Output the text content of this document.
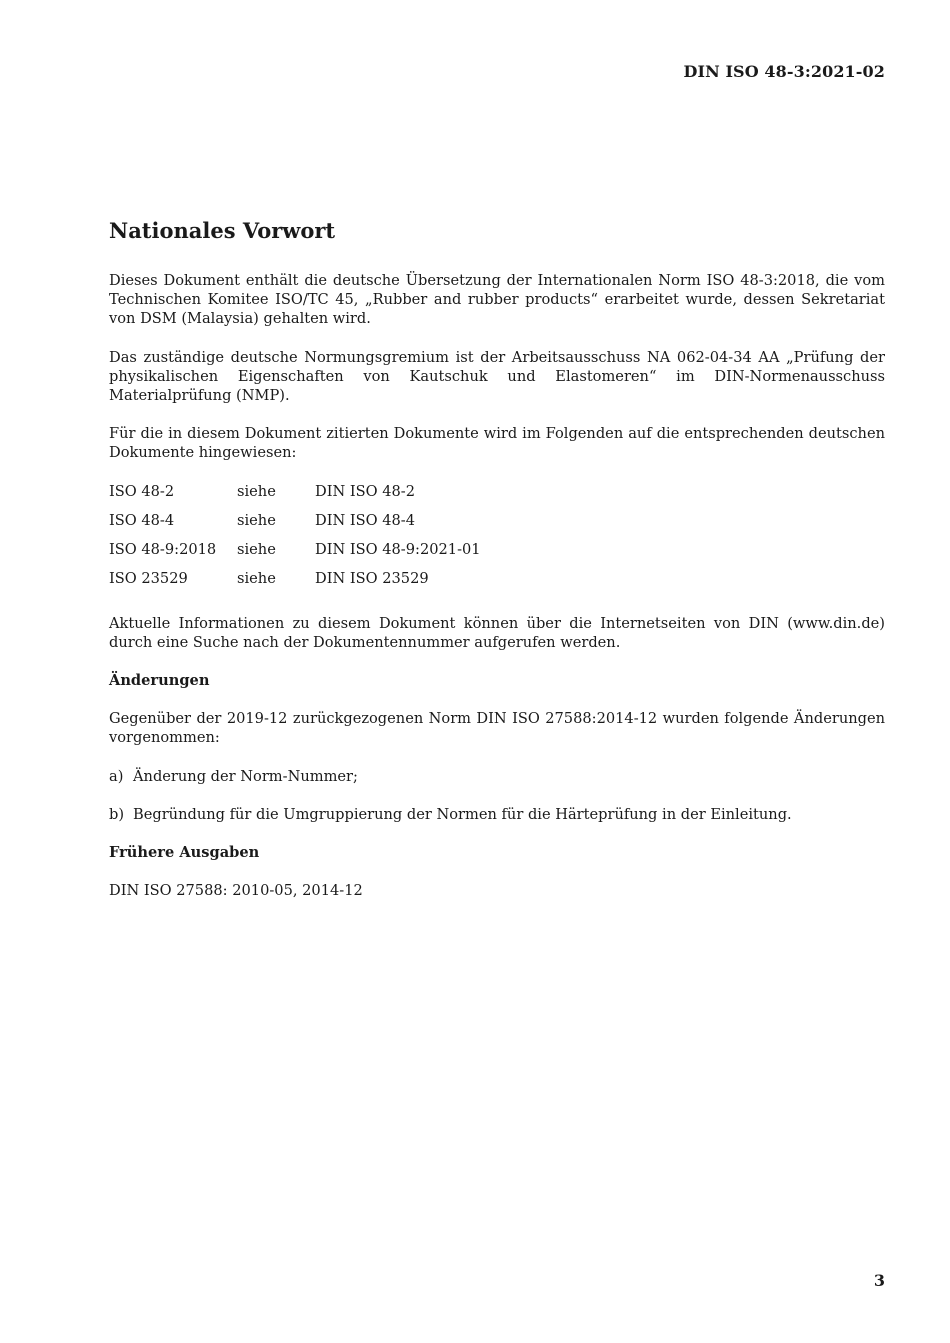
DIN ISO 48-3:2021-02
Nationales Vorwort

Dieses Dokument enthält die deutsche Übersetzung der Internationalen Norm ISO 48-3:2018, die vom Technischen Komitee ISO/TC 45, „Rubber and rubber products“ erarbeitet wurde, dessen Sekretariat von DSM (Malaysia) gehalten wird.

Das zuständige deutsche Normungsgremium ist der Arbeitsausschuss NA 062-04-34 AA „Prüfung der physikalischen Eigenschaften von Kautschuk und Elastomeren“ im DIN-Normenausschuss Materialprüfung (NMP).

Für die in diesem Dokument zitierten Dokumente wird im Folgenden auf die entsprechenden deutschen Dokumente hingewiesen:

ISO 48-2	siehe	DIN ISO 48-2
ISO 48-4	siehe	DIN ISO 48-4
ISO 48-9:2018	siehe	DIN ISO 48-9:2021-01
ISO 23529	siehe	DIN ISO 23529

Aktuelle Informationen zu diesem Dokument können über die Internetseiten von DIN (www.din.de) durch eine Suche nach der Dokumentennummer aufgerufen werden.

Änderungen

Gegenüber der 2019-12 zurückgezogenen Norm DIN ISO 27588:2014-12 wurden folgende Änderungen vorgenommen:

a) Änderung der Norm-Nummer;
b) Begründung für die Umgruppierung der Normen für die Härteprüfung in der Einleitung.
Frühere Ausgaben

DIN ISO 27588: 2010-05, 2014-12

3
